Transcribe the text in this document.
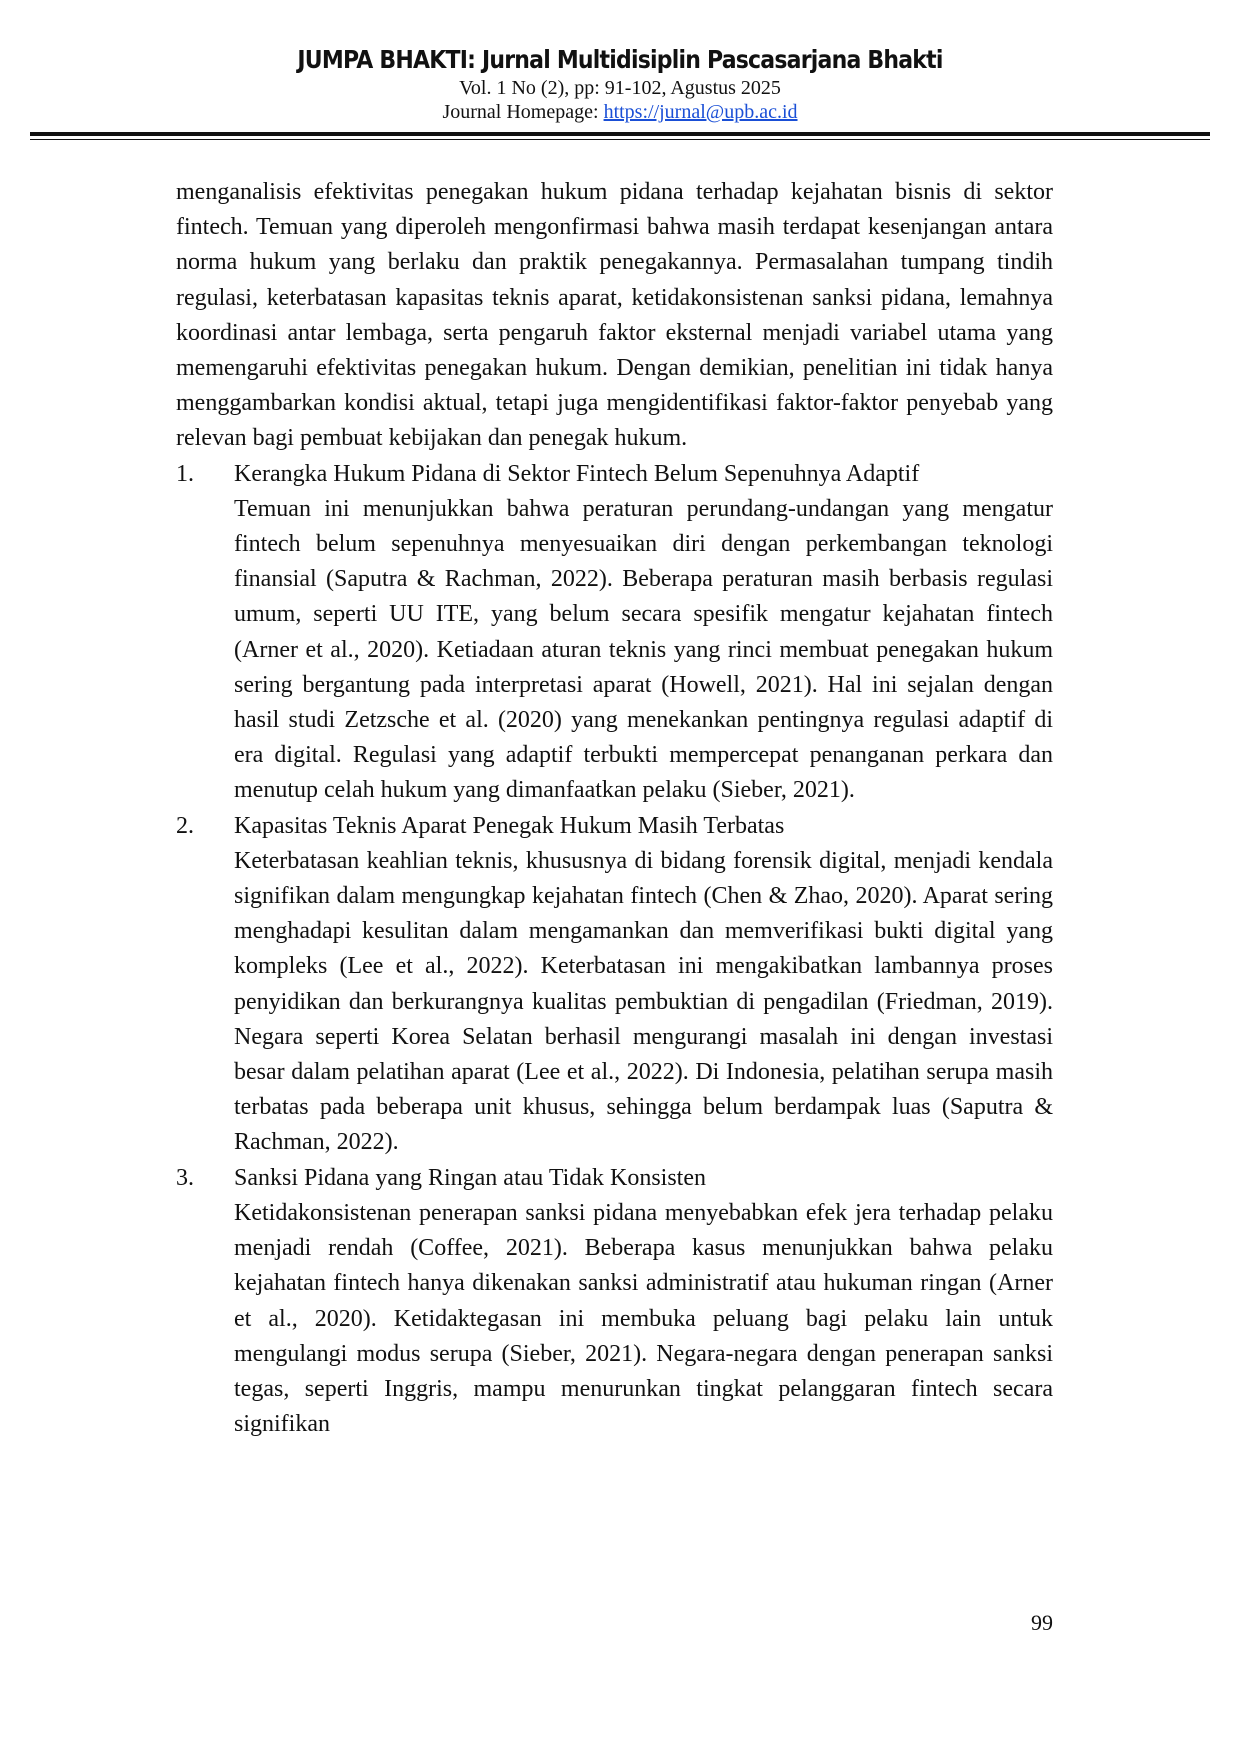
JUMPA BHAKTI: Jurnal Multidisiplin Pascasarjana Bhakti
Vol. 1 No (2), pp: 91-102, Agustus 2025
Journal Homepage: https://jurnal@upb.ac.id

menganalisis efektivitas penegakan hukum pidana terhadap kejahatan bisnis di sektor fintech. Temuan yang diperoleh mengonfirmasi bahwa masih terdapat kesenjangan antara norma hukum yang berlaku dan praktik penegakannya. Permasalahan tumpang tindih regulasi, keterbatasan kapasitas teknis aparat, ketidakonsistenan sanksi pidana, lemahnya koordinasi antar lembaga, serta pengaruh faktor eksternal menjadi variabel utama yang memengaruhi efektivitas penegakan hukum. Dengan demikian, penelitian ini tidak hanya menggambarkan kondisi aktual, tetapi juga mengidentifikasi faktor-faktor penyebab yang relevan bagi pembuat kebijakan dan penegak hukum.

1. Kerangka Hukum Pidana di Sektor Fintech Belum Sepenuhnya Adaptif

Temuan ini menunjukkan bahwa peraturan perundang-undangan yang mengatur fintech belum sepenuhnya menyesuaikan diri dengan perkembangan teknologi finansial (Saputra & Rachman, 2022). Beberapa peraturan masih berbasis regulasi umum, seperti UU ITE, yang belum secara spesifik mengatur kejahatan fintech (Arner et al., 2020). Ketiadaan aturan teknis yang rinci membuat penegakan hukum sering bergantung pada interpretasi aparat (Howell, 2021). Hal ini sejalan dengan hasil studi Zetzsche et al. (2020) yang menekankan pentingnya regulasi adaptif di era digital. Regulasi yang adaptif terbukti mempercepat penanganan perkara dan menutup celah hukum yang dimanfaatkan pelaku (Sieber, 2021).

2. Kapasitas Teknis Aparat Penegak Hukum Masih Terbatas

Keterbatasan keahlian teknis, khususnya di bidang forensik digital, menjadi kendala signifikan dalam mengungkap kejahatan fintech (Chen & Zhao, 2020). Aparat sering menghadapi kesulitan dalam mengamankan dan memverifikasi bukti digital yang kompleks (Lee et al., 2022). Keterbatasan ini mengakibatkan lambannya proses penyidikan dan berkurangnya kualitas pembuktian di pengadilan (Friedman, 2019). Negara seperti Korea Selatan berhasil mengurangi masalah ini dengan investasi besar dalam pelatihan aparat (Lee et al., 2022). Di Indonesia, pelatihan serupa masih terbatas pada beberapa unit khusus, sehingga belum berdampak luas (Saputra & Rachman, 2022).

3. Sanksi Pidana yang Ringan atau Tidak Konsisten

Ketidakonsistenan penerapan sanksi pidana menyebabkan efek jera terhadap pelaku menjadi rendah (Coffee, 2021). Beberapa kasus menunjukkan bahwa pelaku kejahatan fintech hanya dikenakan sanksi administratif atau hukuman ringan (Arner et al., 2020). Ketidaktegasan ini membuka peluang bagi pelaku lain untuk mengulangi modus serupa (Sieber, 2021). Negara-negara dengan penerapan sanksi tegas, seperti Inggris, mampu menurunkan tingkat pelanggaran fintech secara signifikan

99
